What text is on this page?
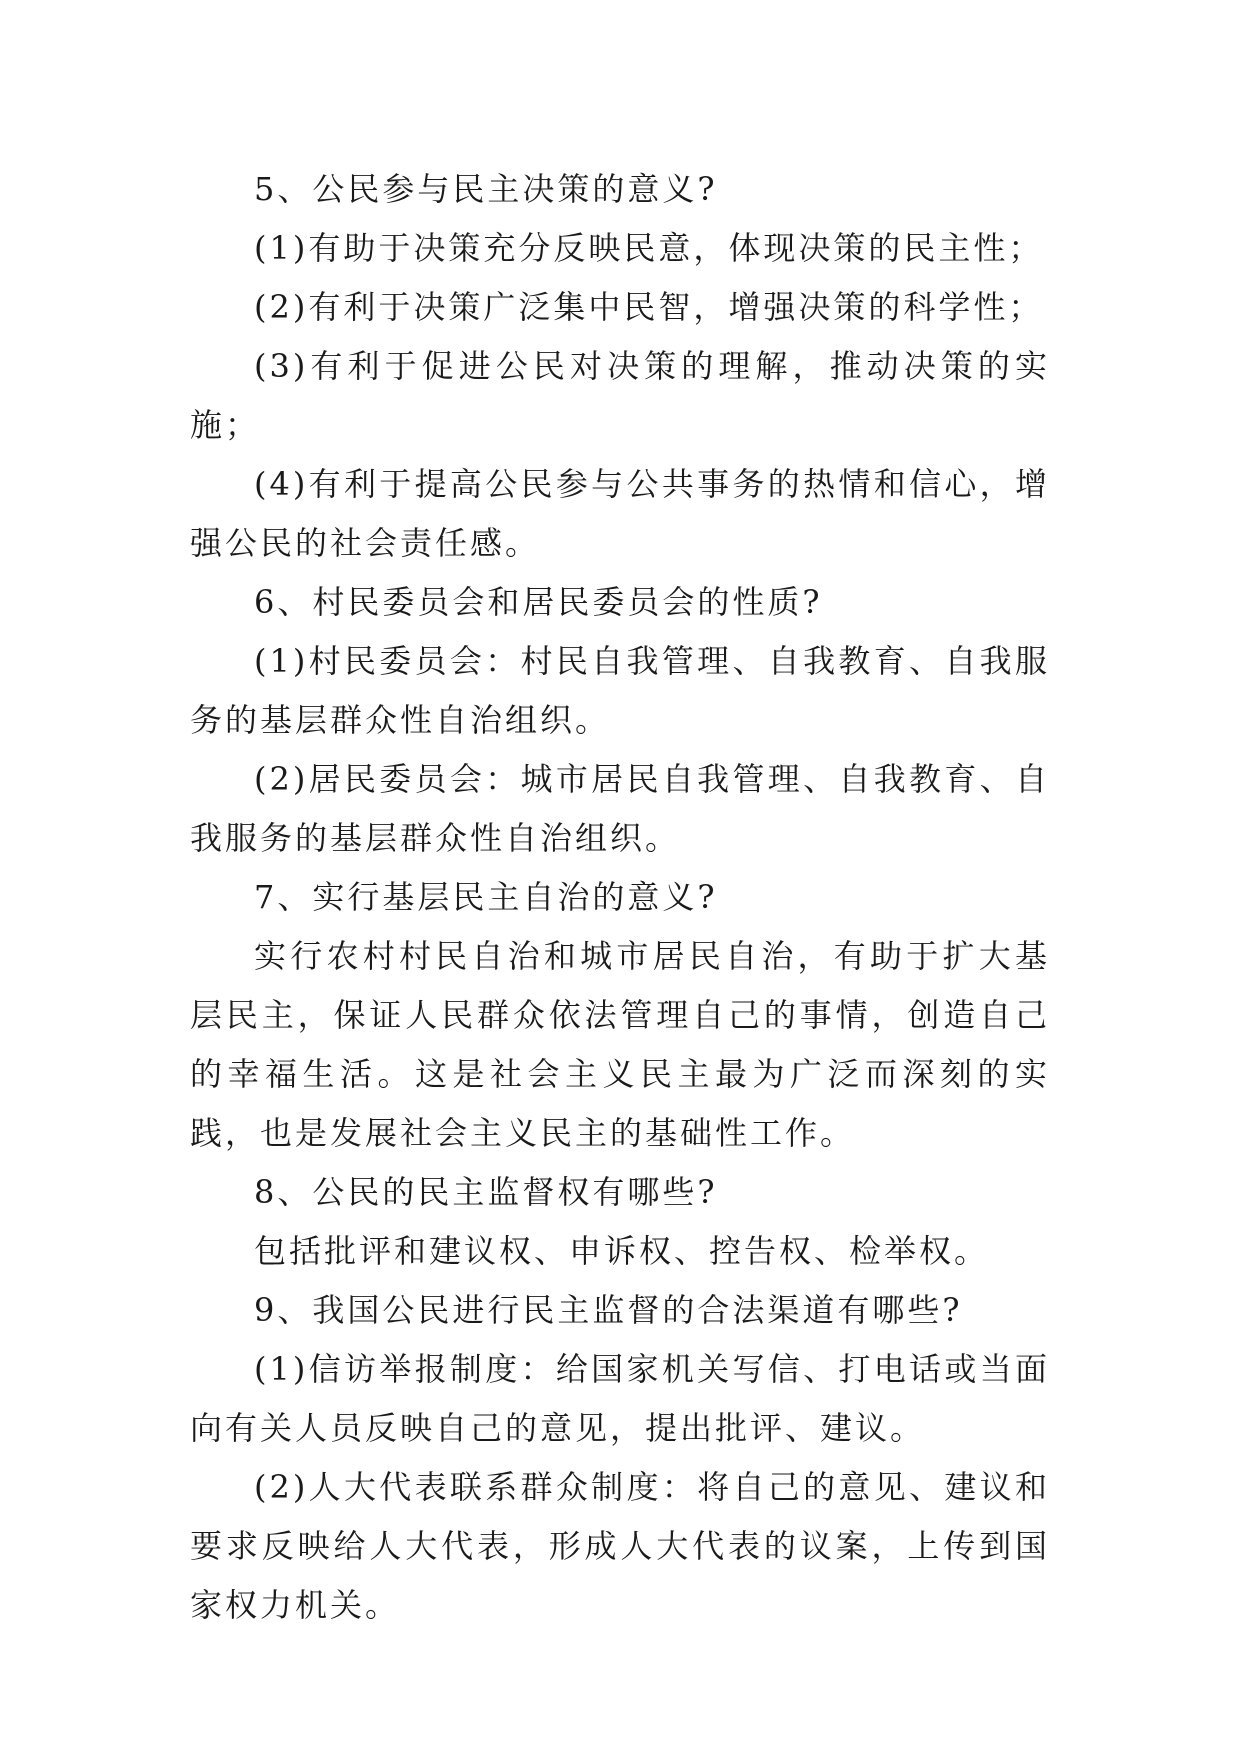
5、公民参与民主决策的意义?

(1)有助于决策充分反映民意，体现决策的民主性；

(2)有利于决策广泛集中民智，增强决策的科学性；

(3)有利于促进公民对决策的理解，推动决策的实施；

(4)有利于提高公民参与公共事务的热情和信心，增强公民的社会责任感。

6、村民委员会和居民委员会的性质?

(1)村民委员会：村民自我管理、自我教育、自我服务的基层群众性自治组织。

(2)居民委员会：城市居民自我管理、自我教育、自我服务的基层群众性自治组织。

7、实行基层民主自治的意义?

实行农村村民自治和城市居民自治，有助于扩大基层民主，保证人民群众依法管理自己的事情，创造自己的幸福生活。这是社会主义民主最为广泛而深刻的实践，也是发展社会主义民主的基础性工作。

8、公民的民主监督权有哪些?

包括批评和建议权、申诉权、控告权、检举权。

9、我国公民进行民主监督的合法渠道有哪些?

(1)信访举报制度：给国家机关写信、打电话或当面向有关人员反映自己的意见，提出批评、建议。

(2)人大代表联系群众制度：将自己的意见、建议和要求反映给人大代表，形成人大代表的议案，上传到国家权力机关。
